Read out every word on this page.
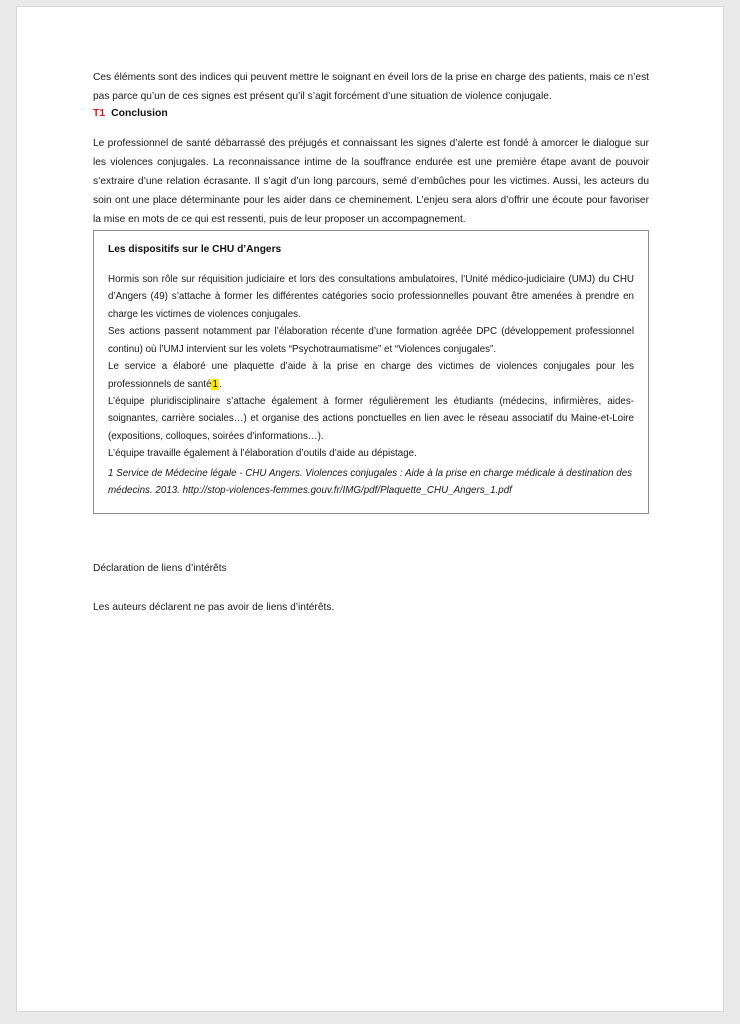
Ces éléments sont des indices qui peuvent mettre le soignant en éveil lors de la prise en charge des patients, mais ce n’est pas parce qu’un de ces signes est présent qu’il s’agit forcément d’une situation de violence conjugale.

T1 Conclusion

Le professionnel de santé débarrassé des préjugés et connaissant les signes d’alerte est fondé à amorcer le dialogue sur les violences conjugales. La reconnaissance intime de la souffrance endurée est une première étape avant de pouvoir s’extraire d’une relation écrasante. Il s’agit d’un long parcours, semé d’embûches pour les victimes. Aussi, les acteurs du soin ont une place déterminante pour les aider dans ce cheminement. L’enjeu sera alors d’offrir une écoute pour favoriser la mise en mots de ce qui est ressenti, puis de leur proposer un accompagnement.

Les dispositifs sur le CHU d’Angers

Hormis son rôle sur réquisition judiciaire et lors des consultations ambulatoires, l’Unité médico-judiciaire (UMJ) du CHU d’Angers (49) s’attache à former les différentes catégories socio professionnelles pouvant être amenées à prendre en charge les victimes de violences conjugales.

Ses actions passent notamment par l’élaboration récente d’une formation agréée DPC (développement professionnel continu) où l’UMJ intervient sur les volets “Psychotraumatisme” et “Violences conjugales”.

Le service a élaboré une plaquette d’aide à la prise en charge des victimes de violences conjugales pour les professionnels de santé1.

L’équipe pluridisciplinaire s’attache également à former régulièrement les étudiants (médecins, infirmières, aides-soignantes, carrière sociales…) et organise des actions ponctuelles en lien avec le réseau associatif du Maine-et-Loire (expositions, colloques, soirées d’informations…).

L’équipe travaille également à l’élaboration d’outils d’aide au dépistage.

1 Service de Médecine légale - CHU Angers. Violences conjugales : Aide à la prise en charge médicale à destination des médecins. 2013. http://stop-violences-femmes.gouv.fr/IMG/pdf/Plaquette_CHU_Angers_1.pdf

Déclaration de liens d’intérêts

Les auteurs déclarent ne pas avoir de liens d’intérêts.
